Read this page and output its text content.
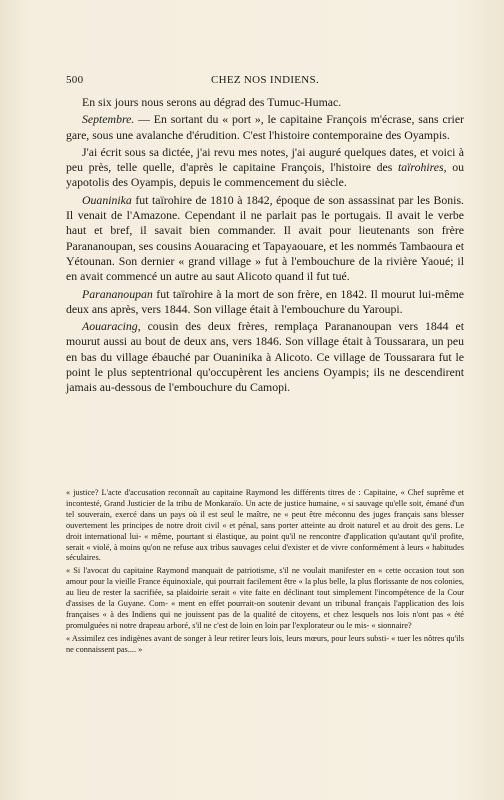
500	CHEZ NOS INDIENS.

En six jours nous serons au dégrad des Tumuc-Humac.

Septembre. — En sortant du « port », le capitaine François m'écrase, sans crier gare, sous une avalanche d'érudition. C'est l'histoire contemporaine des Oyampis.

J'ai écrit sous sa dictée, j'ai revu mes notes, j'ai auguré quelques dates, et voici à peu près, telle quelle, d'après le capitaine François, l'histoire des taïrohires, ou yapotolis des Oyampis, depuis le commencement du siècle.

Ouaninika fut taïrohire de 1810 à 1842, époque de son assassinat par les Bonis. Il venait de l'Amazone. Cependant il ne parlait pas le portugais. Il avait le verbe haut et bref, il savait bien commander. Il avait pour lieutenants son frère Parananoupan, ses cousins Aouaracing et Tapayaouare, et les nommés Tambaoura et Yétounan. Son dernier « grand village » fut à l'embouchure de la rivière Yaoué; il en avait commencé un autre au saut Alicoto quand il fut tué.

Parananoupan fut taïrohire à la mort de son frère, en 1842. Il mourut lui-même deux ans après, vers 1844. Son village était à l'embouchure du Yaroupi.

Aouaracing, cousin des deux frères, remplaça Parananoupan vers 1844 et mourut aussi au bout de deux ans, vers 1846. Son village était à Toussarara, un peu en bas du village ébauché par Ouaninika à Alicoto. Ce village de Toussarara fut le point le plus septentrional qu'occupèrent les anciens Oyampis; ils ne descendirent jamais au-dessous de l'embouchure du Camopi.

« justice? L'acte d'accusation reconnaît au capitaine Raymond les différents titres de : Capitaine, « Chef suprême et incontesté, Grand Justicier de la tribu de Monkaraïo. Un acte de justice humaine, « si sauvage qu'elle soit, émané d'un tel souverain, exercé dans un pays où il est seul le maître, ne « peut être méconnu des juges français sans blesser ouvertement les principes de notre droit civil « et pénal, sans porter atteinte au droit naturel et au droit des gens. Le droit international lui- « même, pourtant si élastique, au point qu'il ne rencontre d'application qu'autant qu'il profite, serait « violé, à moins qu'on ne refuse aux tribus sauvages celui d'exister et de vivre conformément à leurs « habitudes séculaires.

« Si l'avocat du capitaine Raymond manquait de patriotisme, s'il ne voulait manifester en « cette occasion tout son amour pour la vieille France équinoxiale, qui pourrait facilement être « la plus belle, la plus florissante de nos colonies, au lieu de rester la sacrifiée, sa plaidoirie serait « vite faite en déclinant tout simplement l'incompétence de la Cour d'assises de la Guyane. Com- « ment en effet pourrait-on soutenir devant un tribunal français l'application des lois françaises « à des Indiens qui ne jouissent pas de la qualité de citoyens, et chez lesquels nos lois n'ont pas « été promulguées ni notre drapeau arboré, s'il ne c'est de loin en loin par l'explorateur ou le mis- « sionnaire?

« Assimilez ces indigènes avant de songer à leur retirer leurs lois, leurs mœurs, pour leurs substi- « tuer les nôtres qu'ils ne connaissent pas.... »
